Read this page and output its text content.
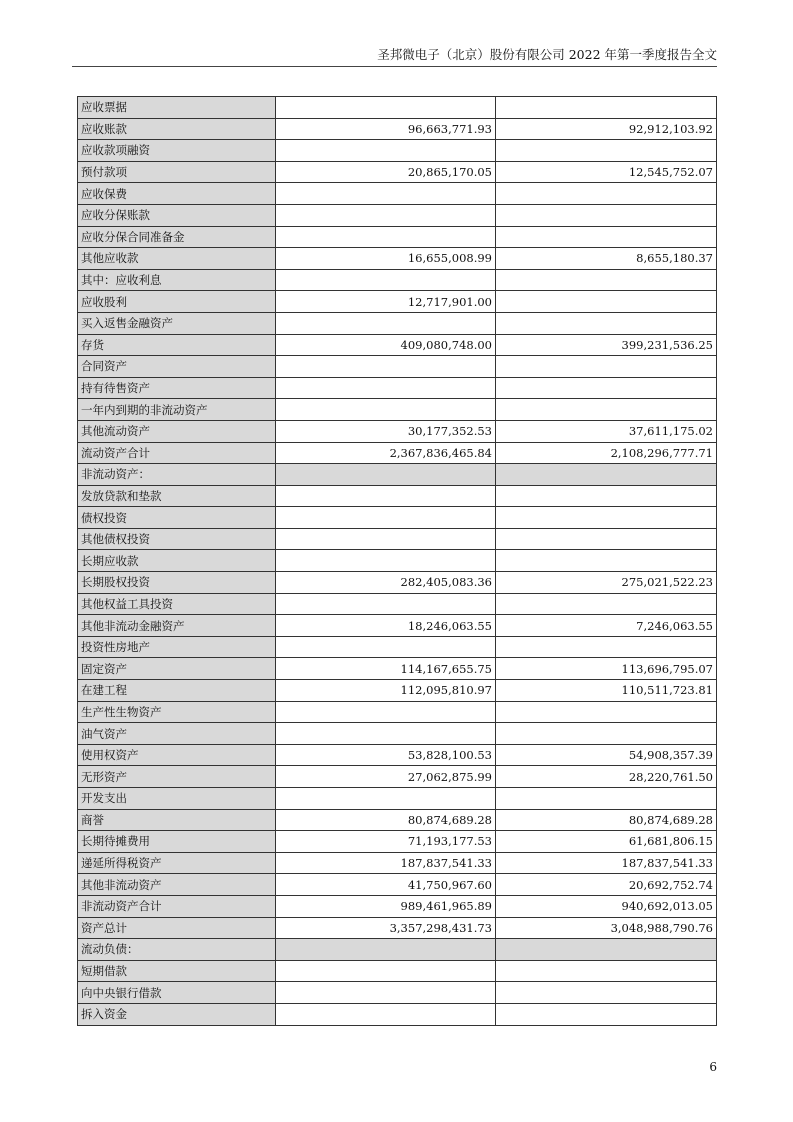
圣邦微电子（北京）股份有限公司 2022 年第一季度报告全文
应收票据		
应收账款	96,663,771.93	92,912,103.92
应收款项融资		
预付款项	20,865,170.05	12,545,752.07
应收保费		
应收分保账款		
应收分保合同准备金		
其他应收款	16,655,008.99	8,655,180.37
其中：应收利息		
应收股利	12,717,901.00	
买入返售金融资产		
存货	409,080,748.00	399,231,536.25
合同资产		
持有待售资产		
一年内到期的非流动资产		
其他流动资产	30,177,352.53	37,611,175.02
流动资产合计	2,367,836,465.84	2,108,296,777.71
非流动资产：		
发放贷款和垫款		
债权投资		
其他债权投资		
长期应收款		
长期股权投资	282,405,083.36	275,021,522.23
其他权益工具投资		
其他非流动金融资产	18,246,063.55	7,246,063.55
投资性房地产		
固定资产	114,167,655.75	113,696,795.07
在建工程	112,095,810.97	110,511,723.81
生产性生物资产		
油气资产		
使用权资产	53,828,100.53	54,908,357.39
无形资产	27,062,875.99	28,220,761.50
开发支出		
商誉	80,874,689.28	80,874,689.28
长期待摊费用	71,193,177.53	61,681,806.15
递延所得税资产	187,837,541.33	187,837,541.33
其他非流动资产	41,750,967.60	20,692,752.74
非流动资产合计	989,461,965.89	940,692,013.05
资产总计	3,357,298,431.73	3,048,988,790.76
流动负债：		
短期借款		
向中央银行借款		
拆入资金		
6
